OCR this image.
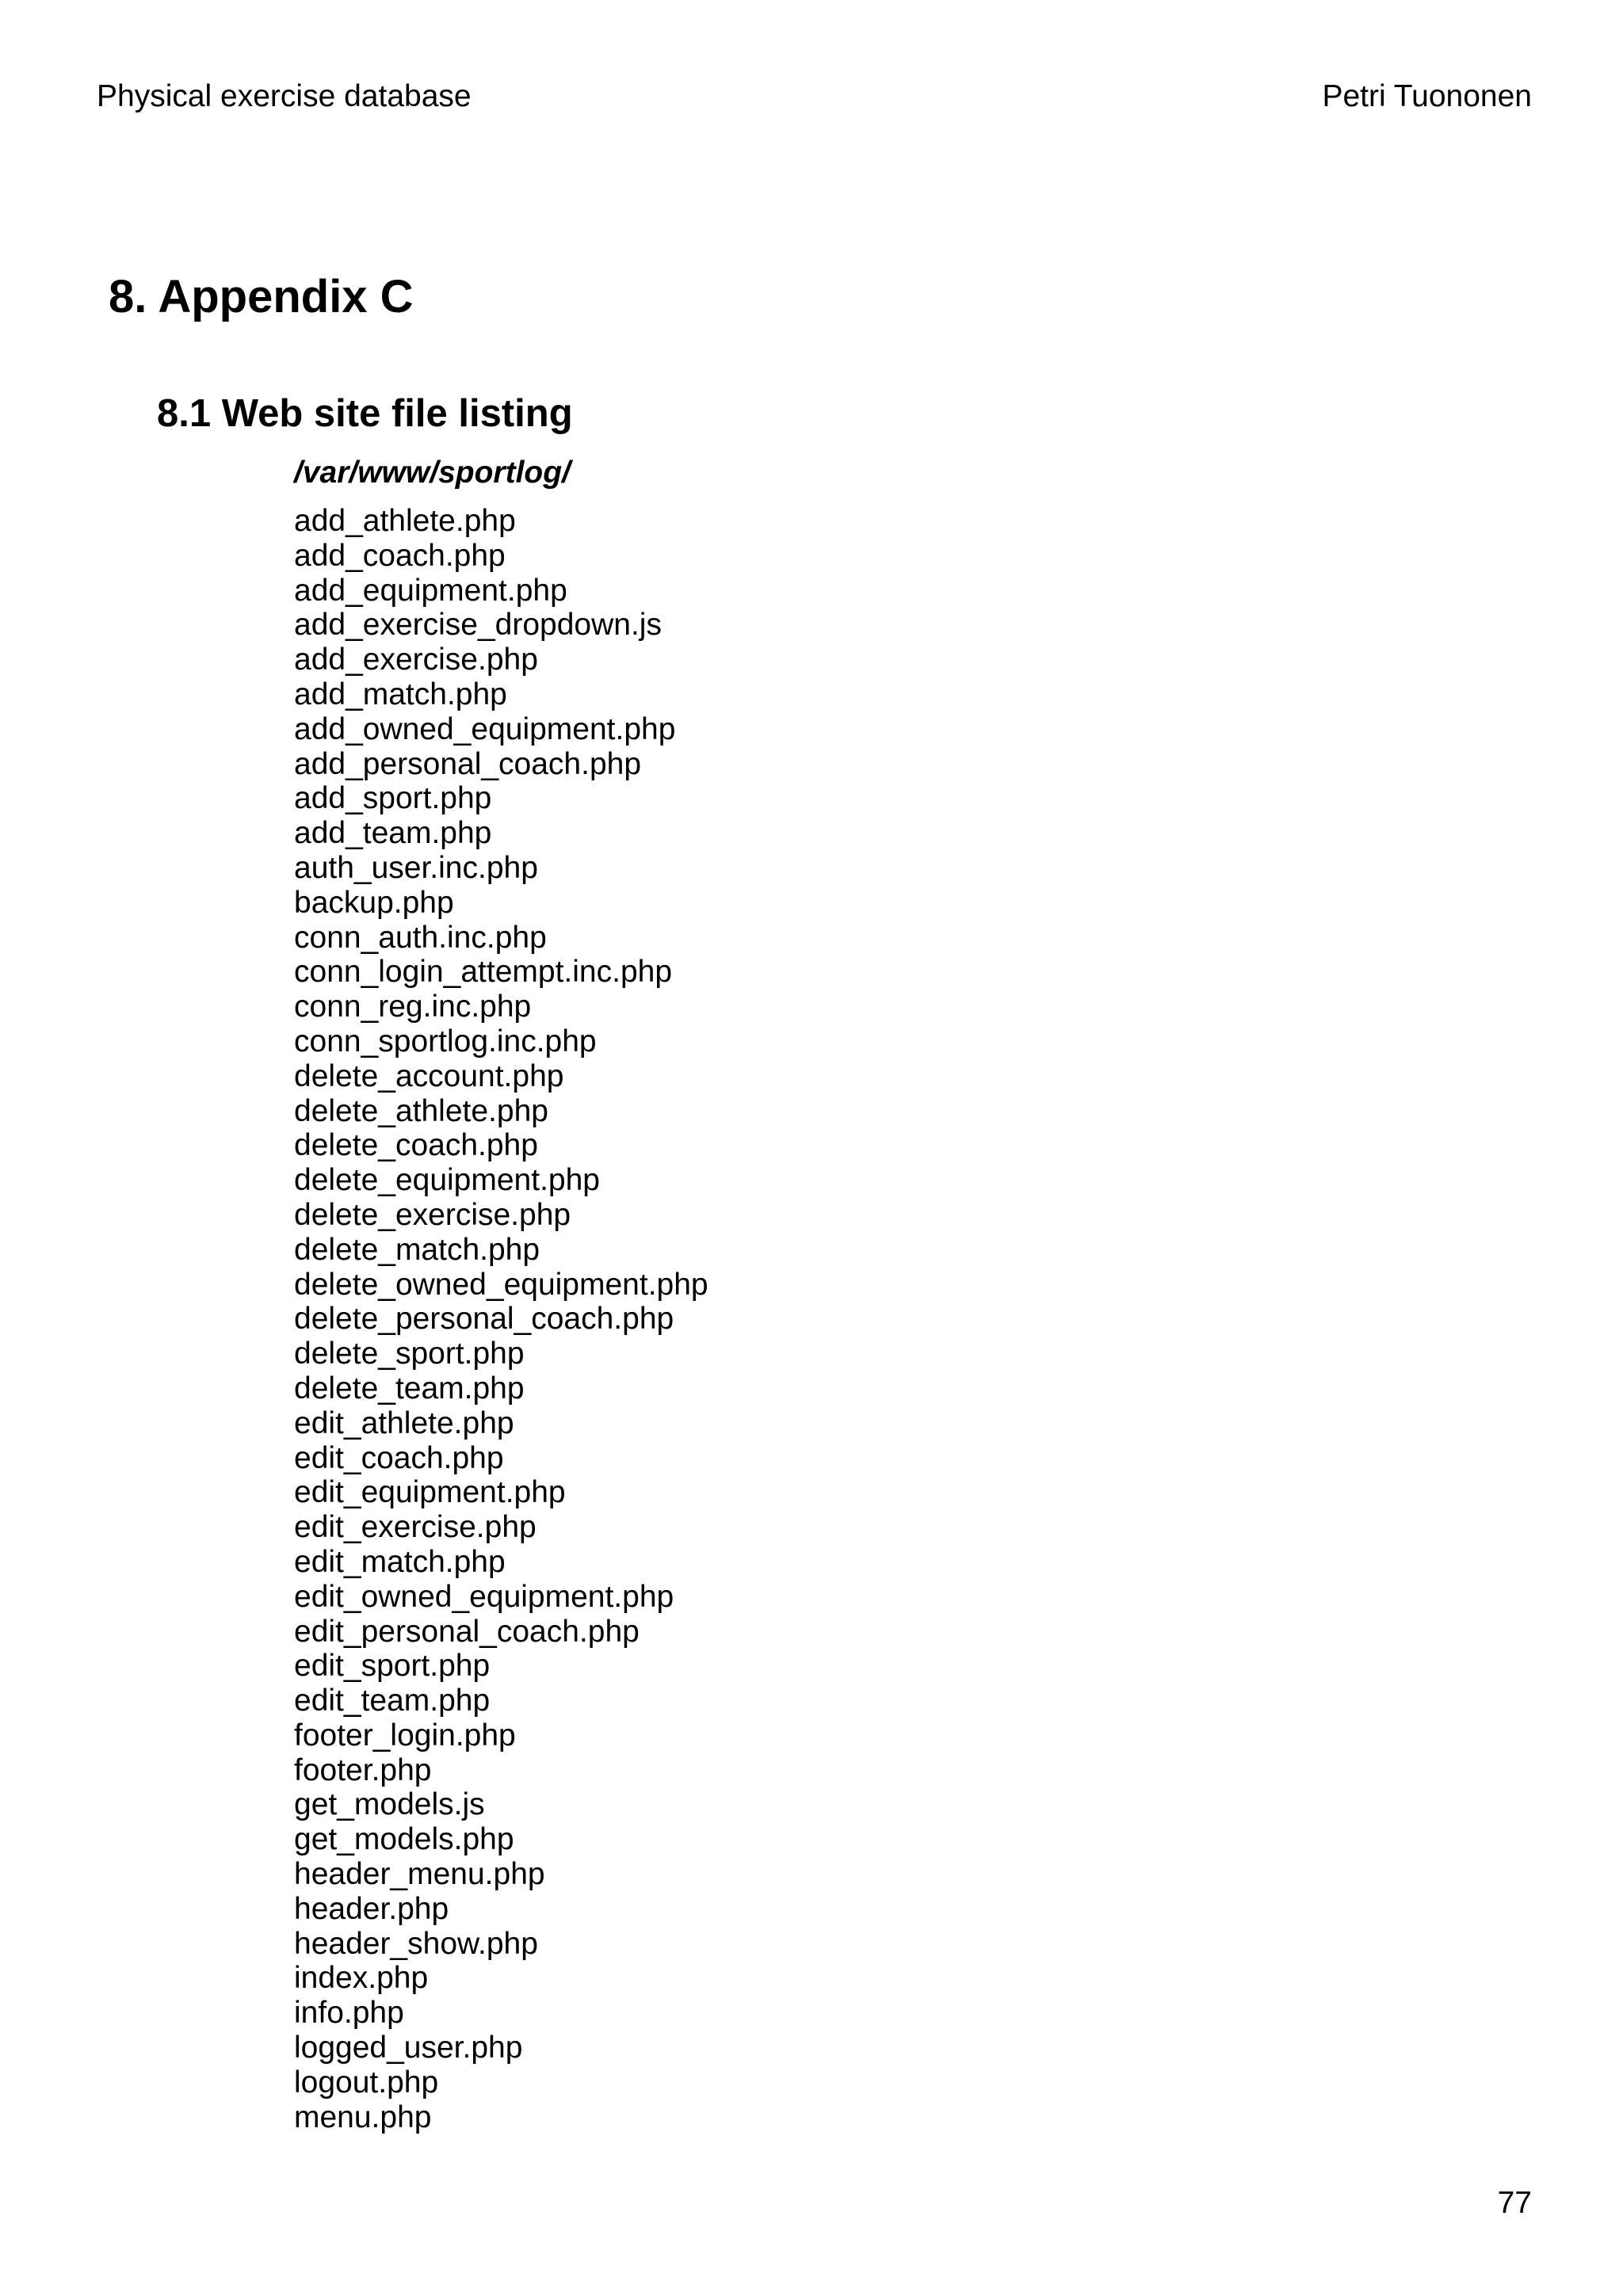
Physical exercise database	Petri Tuononen
8. Appendix C
8.1 Web site file listing
/var/www/sportlog/
add_athlete.php
add_coach.php
add_equipment.php
add_exercise_dropdown.js
add_exercise.php
add_match.php
add_owned_equipment.php
add_personal_coach.php
add_sport.php
add_team.php
auth_user.inc.php
backup.php
conn_auth.inc.php
conn_login_attempt.inc.php
conn_reg.inc.php
conn_sportlog.inc.php
delete_account.php
delete_athlete.php
delete_coach.php
delete_equipment.php
delete_exercise.php
delete_match.php
delete_owned_equipment.php
delete_personal_coach.php
delete_sport.php
delete_team.php
edit_athlete.php
edit_coach.php
edit_equipment.php
edit_exercise.php
edit_match.php
edit_owned_equipment.php
edit_personal_coach.php
edit_sport.php
edit_team.php
footer_login.php
footer.php
get_models.js
get_models.php
header_menu.php
header.php
header_show.php
index.php
info.php
logged_user.php
logout.php
menu.php
77
